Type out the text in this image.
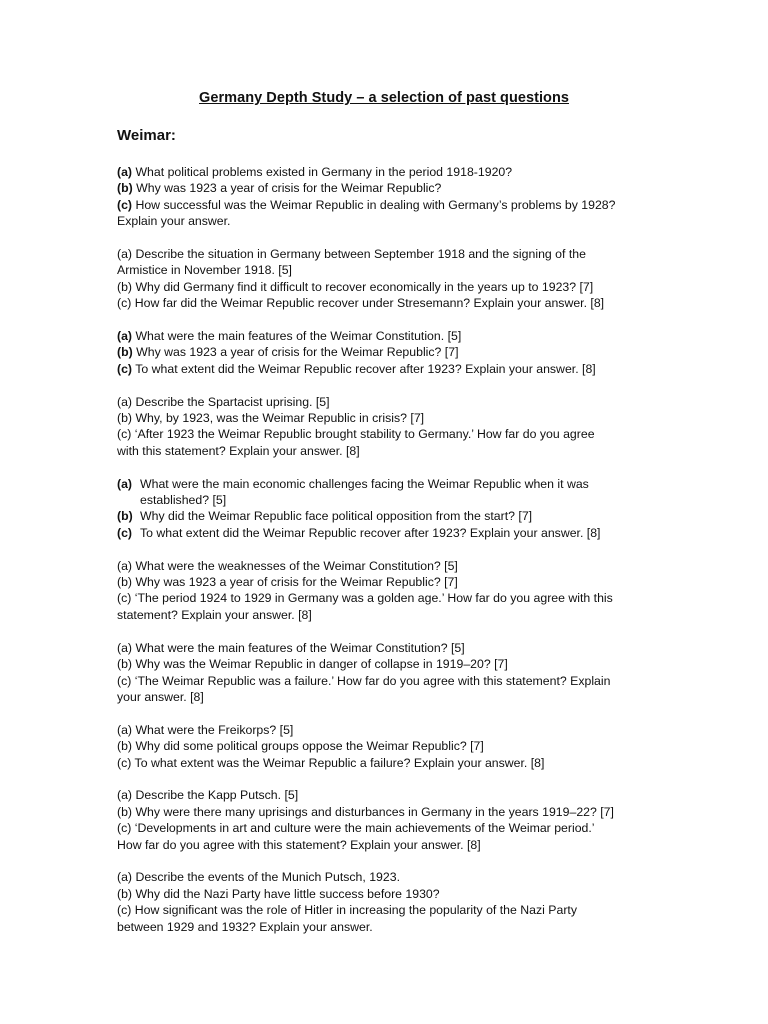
Germany Depth Study – a selection of past questions
Weimar:
(a) What political problems existed in Germany in the period 1918-1920?
(b) Why was 1923 a year of crisis for the Weimar Republic?
(c) How successful was the Weimar Republic in dealing with Germany’s problems by 1928?
Explain your answer.
(a) Describe the situation in Germany between September 1918 and the signing of the
Armistice in November 1918. [5]
(b) Why did Germany find it difficult to recover economically in the years up to 1923? [7]
(c) How far did the Weimar Republic recover under Stresemann? Explain your answer. [8]
(a) What were the main features of the Weimar Constitution. [5]
(b) Why was 1923 a year of crisis for the Weimar Republic? [7]
(c) To what extent did the Weimar Republic recover after 1923? Explain your answer. [8]
(a) Describe the Spartacist uprising. [5]
(b) Why, by 1923, was the Weimar Republic in crisis? [7]
(c) ‘After 1923 the Weimar Republic brought stability to Germany.’ How far do you agree
with this statement? Explain your answer. [8]
(a) What were the main economic challenges facing the Weimar Republic when it was
established? [5]
(b) Why did the Weimar Republic face political opposition from the start? [7]
(c) To what extent did the Weimar Republic recover after 1923? Explain your answer. [8]
(a) What were the weaknesses of the Weimar Constitution? [5]
(b) Why was 1923 a year of crisis for the Weimar Republic? [7]
(c) ‘The period 1924 to 1929 in Germany was a golden age.’ How far do you agree with this
statement? Explain your answer. [8]
(a) What were the main features of the Weimar Constitution? [5]
(b) Why was the Weimar Republic in danger of collapse in 1919–20? [7]
(c) ‘The Weimar Republic was a failure.’ How far do you agree with this statement? Explain
your answer. [8]
(a) What were the Freikorps? [5]
(b) Why did some political groups oppose the Weimar Republic? [7]
(c) To what extent was the Weimar Republic a failure? Explain your answer. [8]
(a) Describe the Kapp Putsch. [5]
(b) Why were there many uprisings and disturbances in Germany in the years 1919–22? [7]
(c) ‘Developments in art and culture were the main achievements of the Weimar period.’
How far do you agree with this statement? Explain your answer. [8]
(a) Describe the events of the Munich Putsch, 1923.
(b) Why did the Nazi Party have little success before 1930?
(c) How significant was the role of Hitler in increasing the popularity of the Nazi Party
between 1929 and 1932? Explain your answer.
